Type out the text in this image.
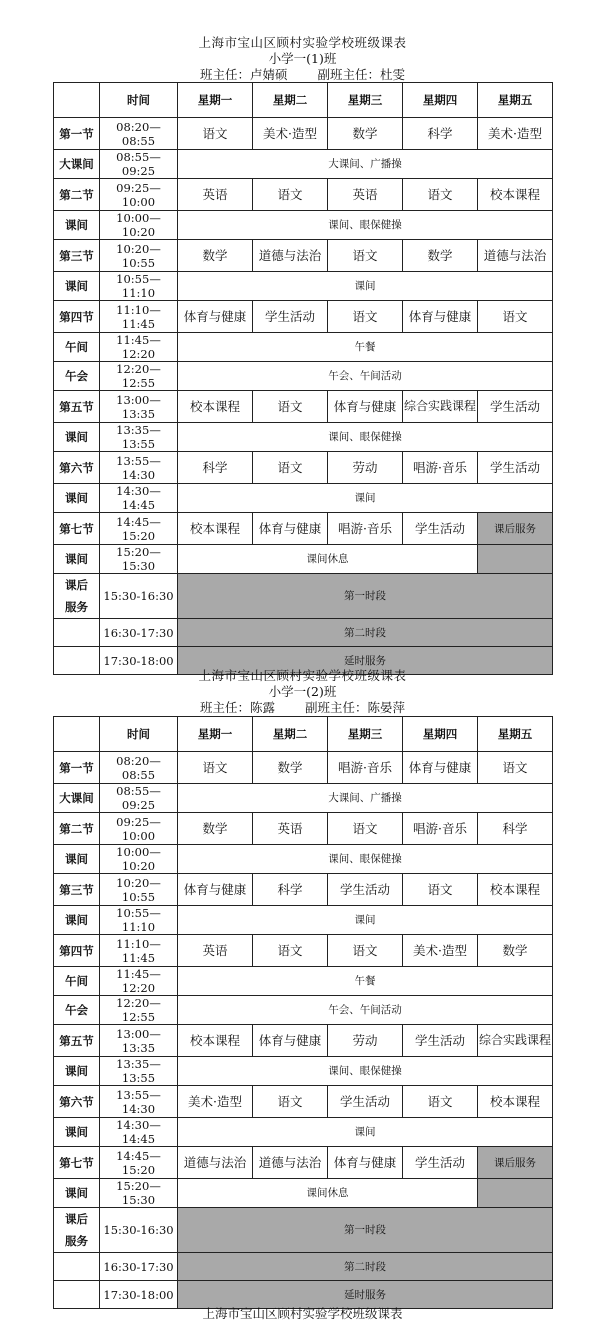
上海市宝山区顾村实验学校班级课表
小学一(1)班
班主任：卢婧硕 副班主任：杜雯
	时间	星期一	星期二	星期三	星期四	星期五
第一节	08:20—08:55	语文	美术·造型	数学	科学	美术·造型
大课间	08:55—09:25	大课间、广播操				
第二节	09:25—10:00	英语	语文	英语	语文	校本课程
课间	10:00—10:20	课间、眼保健操				
第三节	10:20—10:55	数学	道德与法治	语文	数学	道德与法治
课间	10:55—11:10	课间				
第四节	11:10—11:45	体育与健康	学生活动	语文	体育与健康	语文
午间	11:45—12:20	午餐				
午会	12:20—12:55	午会、午间活动				
第五节	13:00—13:35	校本课程	语文	体育与健康	综合实践课程	学生活动
课间	13:35—13:55	课间、眼保健操				
第六节	13:55—14:30	科学	语文	劳动	唱游·音乐	学生活动
课间	14:30—14:45	课间				
第七节	14:45—15:20	校本课程	体育与健康	唱游·音乐	学生活动	课后服务
课间	15:20—15:30	课间休息				

课后
服务	15:30-16:30	第一时段				
	16:30-17:30	第二时段				
	17:30-18:00	延时服务				
上海市宝山区顾村实验学校班级课表
小学一(2)班
班主任：陈露 副班主任：陈晏萍
	时间	星期一	星期二	星期三	星期四	星期五
第一节	08:20—08:55	语文	数学	唱游·音乐	体育与健康	语文
大课间	08:55—09:25	大课间、广播操				
第二节	09:25—10:00	数学	英语	语文	唱游·音乐	科学
课间	10:00—10:20	课间、眼保健操				
第三节	10:20—10:55	体育与健康	科学	学生活动	语文	校本课程
课间	10:55—11:10	课间				
第四节	11:10—11:45	英语	语文	语文	美术·造型	数学
午间	11:45—12:20	午餐				
午会	12:20—12:55	午会、午间活动				
第五节	13:00—13:35	校本课程	体育与健康	劳动	学生活动	综合实践课程

课间	13:35—13:55	课间、眼保健操				
第六节	13:55—14:30	美术·造型	语文	学生活动	语文	校本课程
课间	14:30—14:45	课间				
第七节	14:45—15:20	道德与法治	道德与法治	体育与健康	学生活动	课后服务
课间	15:20—15:30	课间休息				

课后
服务	15:30-16:30	第一时段				
	16:30-17:30	第二时段				
	17:30-18:00	延时服务				
上海市宝山区顾村实验学校班级课表
